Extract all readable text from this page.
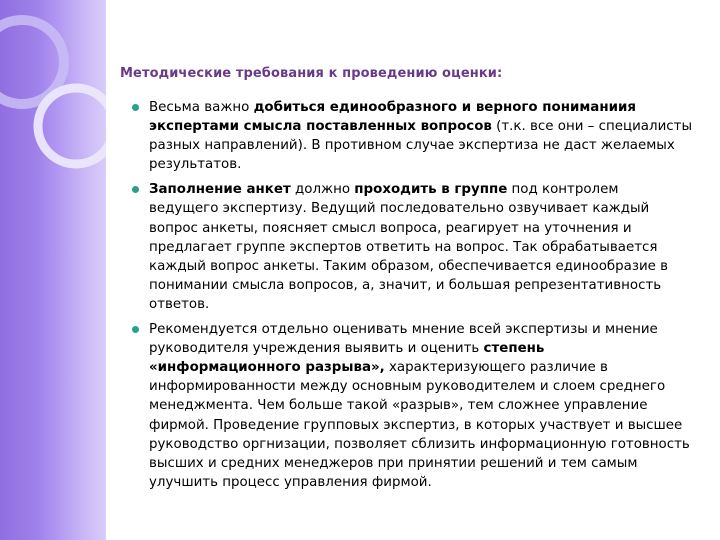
Методические требования к проведению оценки:
Весьма важно добиться единообразного и верного пониманиия экспертами смысла поставленных вопросов (т.к. все они – специалисты разных направлений). В противном случае экспертиза не даст желаемых результатов.
Заполнение анкет должно проходить в группе под контролем ведущего экспертизу. Ведущий последовательно озвучивает каждый вопрос анкеты, поясняет смысл вопроса, реагирует на уточнения и предлагает группе экспертов ответить на вопрос. Так обрабатывается каждый вопрос анкеты. Таким образом, обеспечивается единообразие в понимании смысла вопросов, а, значит, и большая репрезентативность ответов.
Рекомендуется отдельно оценивать мнение всей экспертизы и мнение руководителя учреждения выявить и оценить степень «информационного разрыва», характеризующего различие в информированности между основным руководителем и слоем среднего менеджмента. Чем больше такой «разрыв», тем сложнее управление фирмой. Проведение групповых экспертиз, в которых участвует и высшее руководство оргнизации, позволяет сблизить информационную готовность высших и средних менеджеров при принятии решений и тем самым улучшить процесс управления фирмой.
